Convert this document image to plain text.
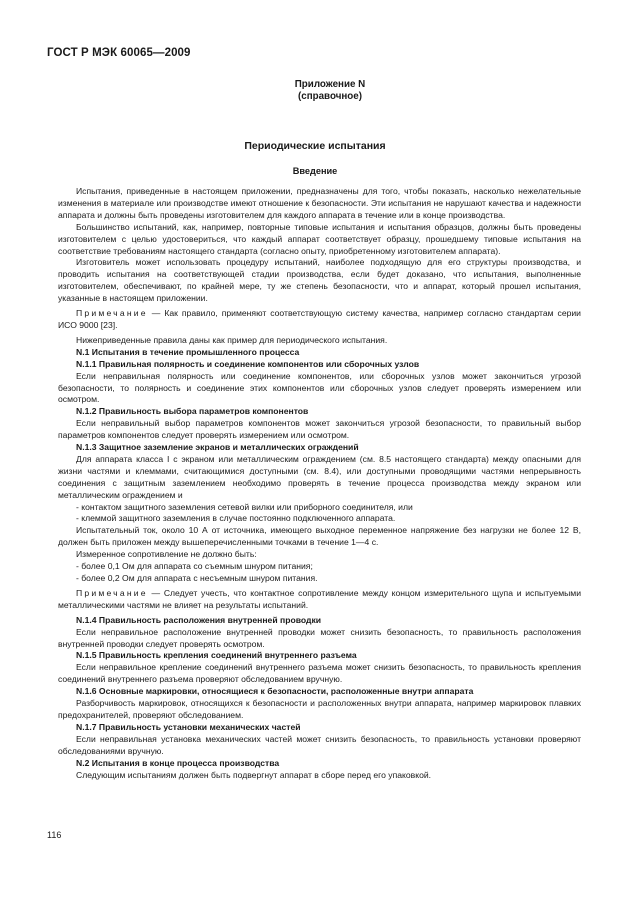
ГОСТ Р МЭК 60065—2009
Приложение N
(справочное)
Периодические испытания
Введение

Испытания, приведенные в настоящем приложении, предназначены для того, чтобы показать, насколько нежелательные изменения в материале или производстве имеют отношение к безопасности. Эти испытания не нарушают качества и надежности аппарата и должны быть проведены изготовителем для каждого аппарата в течение или в конце производства.

Большинство испытаний, как, например, повторные типовые испытания и испытания образцов, должны быть проведены изготовителем с целью удостовериться, что каждый аппарат соответствует образцу, прошедшему типовые испытания на соответствие требованиям настоящего стандарта (согласно опыту, приобретенному изготовителем аппарата).

Изготовитель может использовать процедуру испытаний, наиболее подходящую для его структуры производства, и проводить испытания на соответствующей стадии производства, если будет доказано, что испытания, выполненные изготовителем, обеспечивают, по крайней мере, ту же степень безопасности, что и аппарат, который прошел испытания, указанные в настоящем приложении.

Примечание — Как правило, применяют соответствующую систему качества, например согласно стандартам серии ИСО 9000 [23].

Нижеприведенные правила даны как пример для периодического испытания.

N.1 Испытания в течение промышленного процесса

N.1.1 Правильная полярность и соединение компонентов или сборочных узлов

Если неправильная полярность или соединение компонентов, или сборочных узлов может закончиться угрозой безопасности, то полярность и соединение этих компонентов или сборочных узлов следует проверять измерением или осмотром.

N.1.2 Правильность выбора параметров компонентов

Если неправильный выбор параметров компонентов может закончиться угрозой безопасности, то правильный выбор параметров компонентов следует проверять измерением или осмотром.

N.1.3 Защитное заземление экранов и металлических ограждений

Для аппарата класса I с экраном или металлическим ограждением (см. 8.5 настоящего стандарта) между опасными для жизни частями и клеммами, считающимися доступными (см. 8.4), или доступными проводящими частями непрерывность соединения с защитным заземлением необходимо проверять в течение процесса производства между экраном или металлическим ограждением и

- контактом защитного заземления сетевой вилки или приборного соединителя, или

- клеммой защитного заземления в случае постоянно подключенного аппарата.

Испытательный ток, около 10 А от источника, имеющего выходное переменное напряжение без нагрузки не более 12 В, должен быть приложен между вышеперечисленными точками в течение 1—4 с.

Измеренное сопротивление не должно быть:

- более 0,1 Ом для аппарата со съемным шнуром питания;

- более 0,2 Ом для аппарата с несъемным шнуром питания.

Примечание — Следует учесть, что контактное сопротивление между концом измерительного щупа и испытуемыми металлическими частями не влияет на результаты испытаний.

N.1.4 Правильность расположения внутренней проводки

Если неправильное расположение внутренней проводки может снизить безопасность, то правильность расположения внутренней проводки следует проверять осмотром.

N.1.5 Правильность крепления соединений внутреннего разъема

Если неправильное крепление соединений внутреннего разъема может снизить безопасность, то правильность крепления соединений внутреннего разъема проверяют обследованием вручную.

N.1.6 Основные маркировки, относящиеся к безопасности, расположенные внутри аппарата

Разборчивость маркировок, относящихся к безопасности и расположенных внутри аппарата, например маркировок плавких предохранителей, проверяют обследованием.

N.1.7 Правильность установки механических частей

Если неправильная установка механических частей может снизить безопасность, то правильность установки проверяют обследованиями вручную.

N.2 Испытания в конце процесса производства

Следующим испытаниям должен быть подвергнут аппарат в сборе перед его упаковкой.

116
